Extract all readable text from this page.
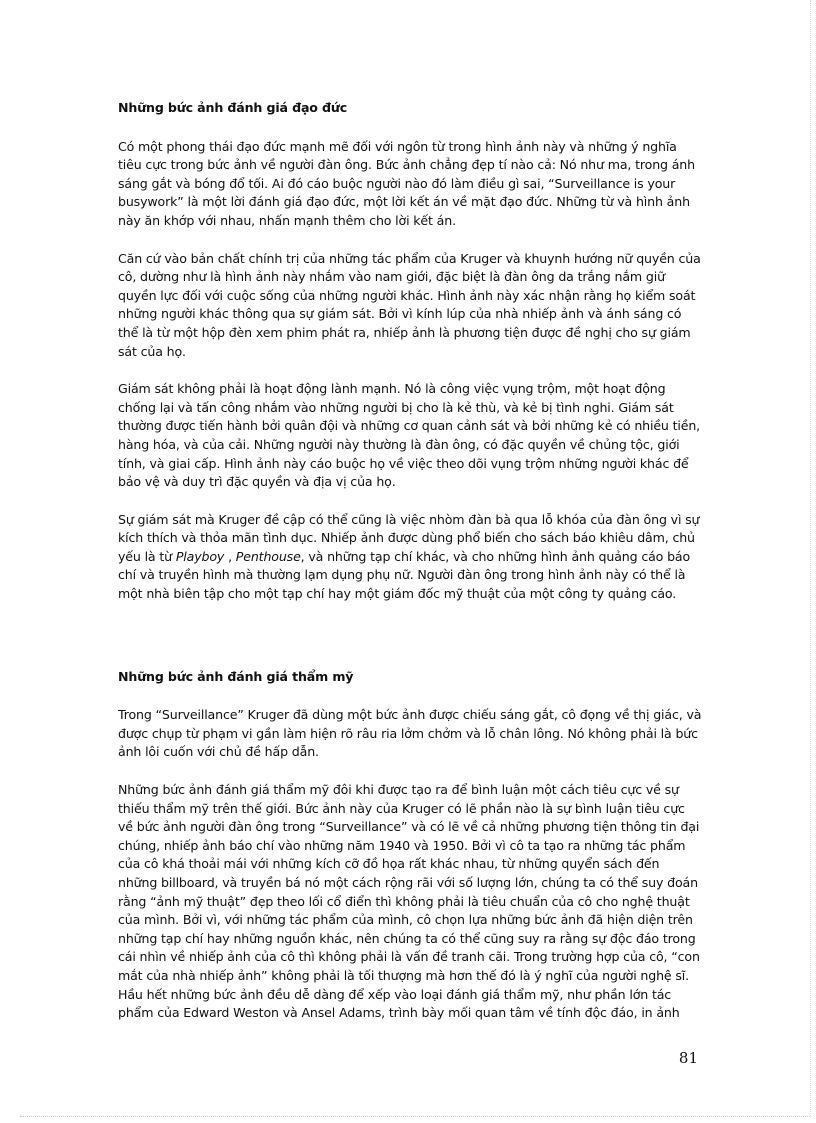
Những bức ảnh đánh giá đạo đức

Có một phong thái đạo đức mạnh mẽ đối với ngôn từ trong hình ảnh này và những ý nghĩa tiêu cực trong bức ảnh về người đàn ông. Bức ảnh chẳng đẹp tí nào cả: Nó như ma, trong ánh sáng gắt và bóng đổ tối. Ai đó cáo buộc người nào đó làm điều gì sai, “Surveillance is your busywork” là một lời đánh giá đạo đức, một lời kết án về mặt đạo đức. Những từ và hình ảnh này ăn khớp với nhau, nhấn mạnh thêm cho lời kết án.

Căn cứ vào bản chất chính trị của những tác phẩm của Kruger và khuynh hướng nữ quyền của cô, dường như là hình ảnh này nhắm vào nam giới, đặc biệt là đàn ông da trắng nắm giữ quyền lực đối với cuộc sống của những người khác. Hình ảnh này xác nhận rằng họ kiểm soát những người khác thông qua sự giám sát. Bởi vì kính lúp của nhà nhiếp ảnh và ánh sáng có thể là từ một hộp đèn xem phim phát ra, nhiếp ảnh là phương tiện được đề nghị cho sự giám sát của họ.

Giám sát không phải là hoạt động lành mạnh. Nó là công việc vụng trộm, một hoạt động chống lại và tấn công nhắm vào những người bị cho là kẻ thù, và kẻ bị tình nghi. Giám sát thường được tiến hành bởi quân đội và những cơ quan cảnh sát và bởi những kẻ có nhiều tiền, hàng hóa, và của cải. Những người này thường là đàn ông, có đặc quyền về chủng tộc, giới tính, và giai cấp. Hình ảnh này cáo buộc họ về việc theo dõi vụng trộm những người khác để bảo vệ và duy trì đặc quyền và địa vị của họ.

Sự giám sát mà Kruger đề cập có thể cũng là việc nhòm đàn bà qua lỗ khóa của đàn ông vì sự kích thích và thỏa mãn tình dục. Nhiếp ảnh được dùng phổ biến cho sách báo khiêu dâm, chủ yếu là từ Playboy , Penthouse, và những tạp chí khác, và cho những hình ảnh quảng cáo báo chí và truyền hình mà thường lạm dụng phụ nữ. Người đàn ông trong hình ảnh này có thể là một nhà biên tập cho một tạp chí hay một giám đốc mỹ thuật của một công ty quảng cáo.

Những bức ảnh đánh giá thẩm mỹ

Trong “Surveillance” Kruger đã dùng một bức ảnh được chiếu sáng gắt, cô đọng về thị giác, và được chụp từ phạm vi gần làm hiện rõ râu ria lởm chởm và lỗ chân lông. Nó không phải là bức ảnh lôi cuốn với chủ đề hấp dẫn.

Những bức ảnh đánh giá thẩm mỹ đôi khi được tạo ra để bình luận một cách tiêu cực về sự thiếu thẩm mỹ trên thế giới. Bức ảnh này của Kruger có lẽ phần nào là sự bình luận tiêu cực về bức ảnh người đàn ông trong “Surveillance” và có lẽ về cả những phương tiện thông tin đại chúng, nhiếp ảnh báo chí vào những năm 1940 và 1950. Bởi vì cô ta tạo ra những tác phẩm của cô khá thoải mái với những kích cỡ đồ họa rất khác nhau, từ những quyển sách đến những billboard, và truyền bá nó một cách rộng rãi với số lượng lớn, chúng ta có thể suy đoán rằng “ảnh mỹ thuật” đẹp theo lối cổ điển thì không phải là tiêu chuẩn của cô cho nghệ thuật của mình. Bởi vì, với những tác phẩm của mình, cô chọn lựa những bức ảnh đã hiện diện trên những tạp chí hay những nguồn khác, nên chúng ta có thể cũng suy ra rằng sự độc đáo trong cái nhìn về nhiếp ảnh của cô thì không phải là vấn đề tranh cãi. Trong trường hợp của cô, “con mắt của nhà nhiếp ảnh” không phải là tối thượng mà hơn thế đó là ý nghĩ của người nghệ sĩ. Hầu hết những bức ảnh đều dễ dàng để xếp vào loại đánh giá thẩm mỹ, như phần lớn tác phẩm của Edward Weston và Ansel Adams, trình bày mối quan tâm về tính độc đáo, in ảnh

81
